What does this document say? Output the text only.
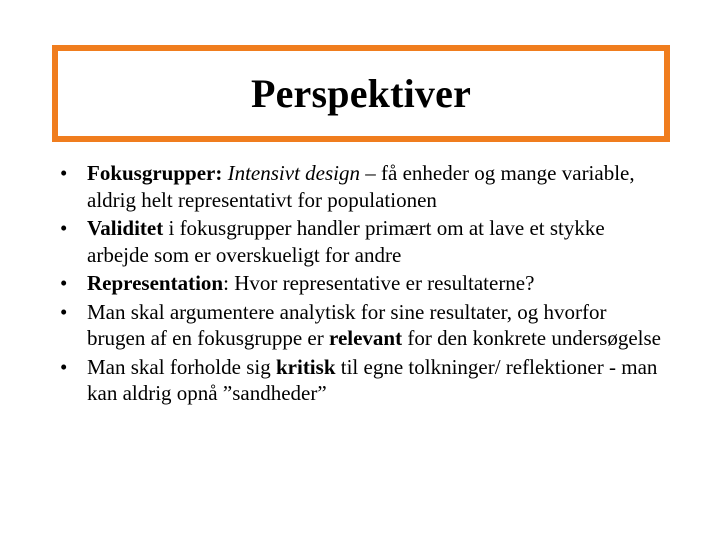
Perspektiver
• Fokusgrupper: Intensivt design – få enheder og mange variable, aldrig helt representativt for populationen
• Validitet i fokusgrupper handler primært om at lave et stykke arbejde som er overskueligt for andre
• Representation: Hvor representative er resultaterne?
• Man skal argumentere analytisk for sine resultater, og hvorfor brugen af en fokusgruppe er relevant for den konkrete undersøgelse
• Man skal forholde sig kritisk til egne tolkninger/ reflektioner - man kan aldrig opnå ”sandheder”
